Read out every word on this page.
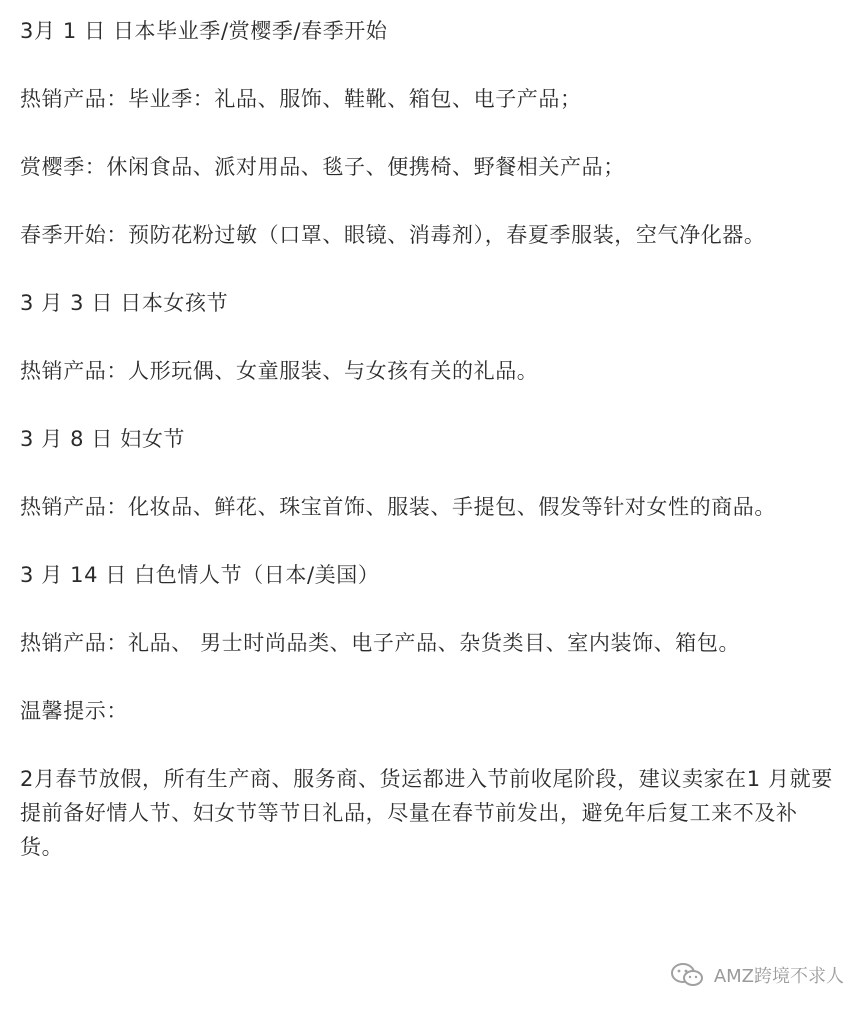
3月 1 日 日本毕业季/赏樱季/春季开始

热销产品：毕业季：礼品、服饰、鞋靴、箱包、电子产品；

赏樱季：休闲食品、派对用品、毯子、便携椅、野餐相关产品；

春季开始：预防花粉过敏（口罩、眼镜、消毒剂），春夏季服装，空气净化器。

3 月 3 日 日本女孩节

热销产品：人形玩偶、女童服装、与女孩有关的礼品。

3 月 8 日 妇女节

热销产品：化妆品、鲜花、珠宝首饰、服装、手提包、假发等针对女性的商品。

3 月 14 日 白色情人节（日本/美国）

热销产品：礼品、 男士时尚品类、电子产品、杂货类目、室内装饰、箱包。

温馨提示：

2月春节放假，所有生产商、服务商、货运都进入节前收尾阶段，建议卖家在1 月就要提前备好情人节、妇女节等节日礼品，尽量在春节前发出，避免年后复工来不及补货。

AMZ跨境不求人
